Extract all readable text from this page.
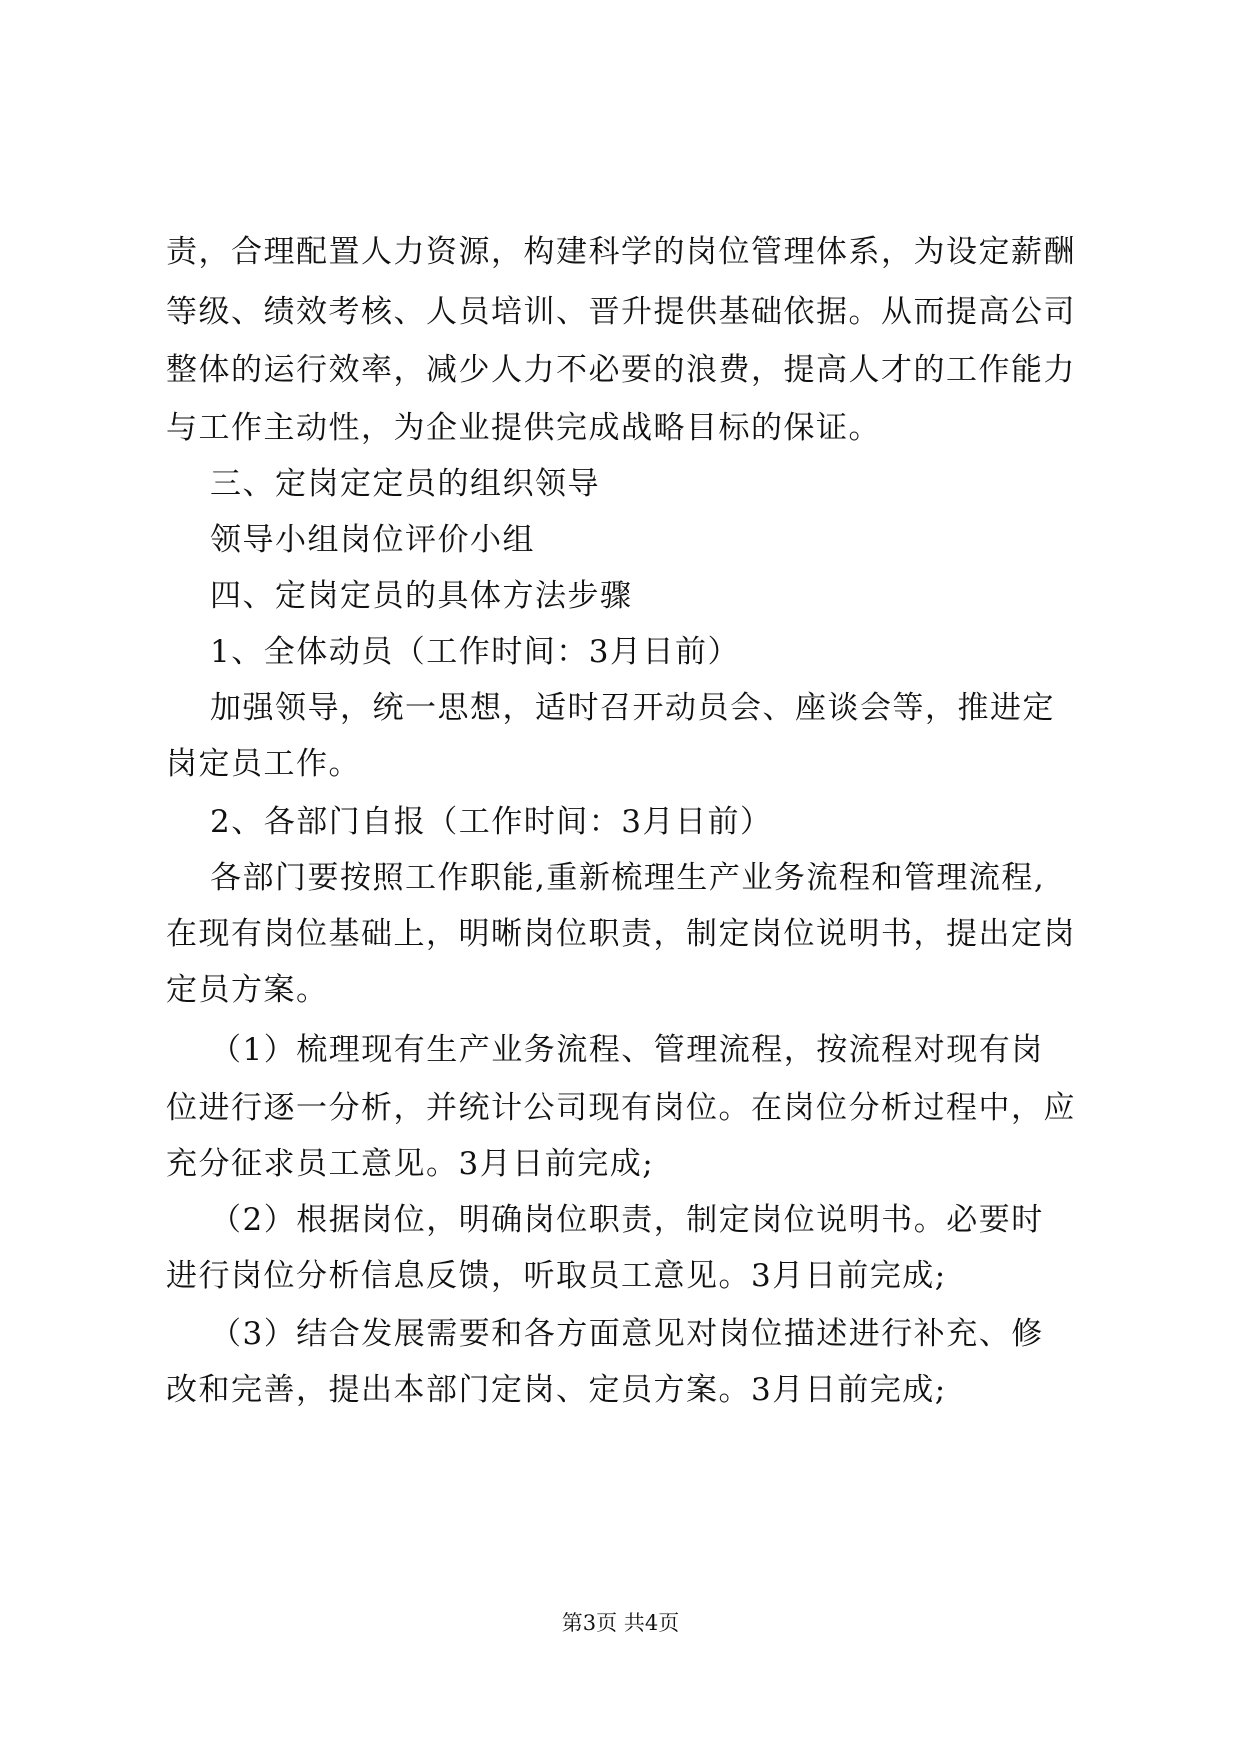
责，合理配置人力资源，构建科学的岗位管理体系，为设定薪酬
等级、绩效考核、人员培训、晋升提供基础依据。从而提高公司
整体的运行效率，减少人力不必要的浪费，提高人才的工作能力
与工作主动性，为企业提供完成战略目标的保证。
三、定岗定定员的组织领导
领导小组岗位评价小组
四、定岗定员的具体方法步骤
1、全体动员（工作时间：3月日前）
加强领导，统一思想，适时召开动员会、座谈会等，推进定
岗定员工作。
2、各部门自报（工作时间：3月日前）
各部门要按照工作职能,重新梳理生产业务流程和管理流程,
在现有岗位基础上，明晰岗位职责，制定岗位说明书，提出定岗
定员方案。
（1）梳理现有生产业务流程、管理流程，按流程对现有岗
位进行逐一分析，并统计公司现有岗位。在岗位分析过程中，应
充分征求员工意见。3月日前完成;
（2）根据岗位，明确岗位职责，制定岗位说明书。必要时
进行岗位分析信息反馈，听取员工意见。3月日前完成;
（3）结合发展需要和各方面意见对岗位描述进行补充、修
改和完善，提出本部门定岗、定员方案。3月日前完成;
第3页 共4页
